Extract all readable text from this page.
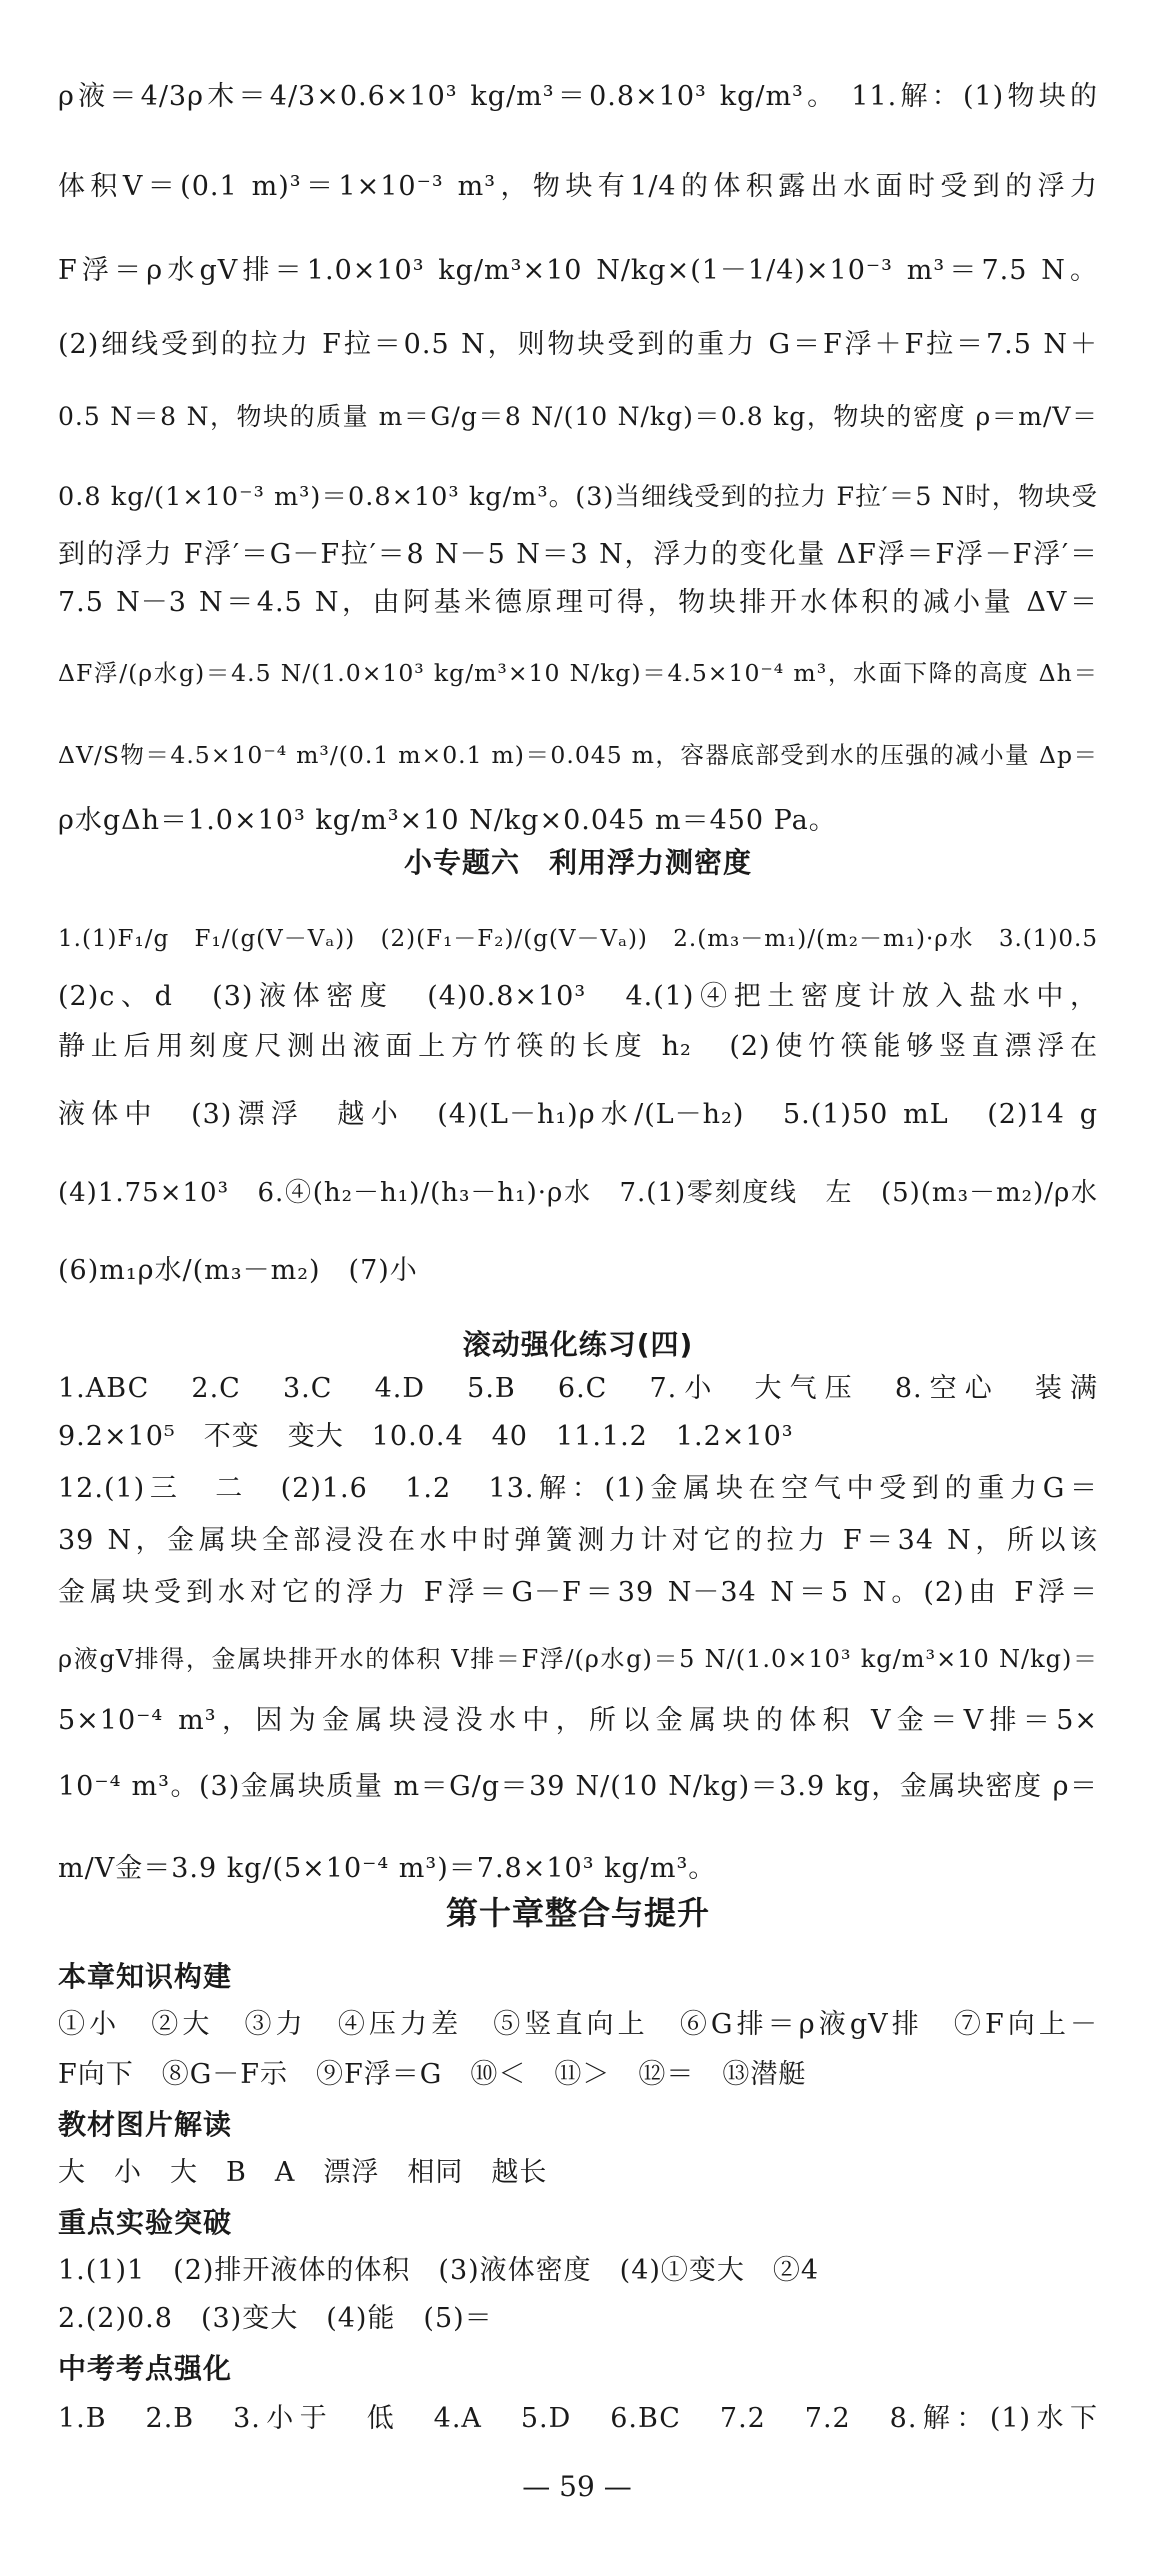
ρ液＝4/3ρ木＝4/3×0.6×10³ kg/m³＝0.8×10³ kg/m³。 11.解：(1)物块的
体积V＝(0.1 m)³＝1×10⁻³ m³，物块有1/4的体积露出水面时受到的浮力
F浮＝ρ水gV排＝1.0×10³ kg/m³×10 N/kg×(1－1/4)×10⁻³ m³＝7.5 N。
(2)细线受到的拉力 F拉＝0.5 N，则物块受到的重力 G＝F浮＋F拉＝7.5 N＋
0.5 N＝8 N，物块的质量 m＝G/g＝8 N/(10 N/kg)＝0.8 kg，物块的密度 ρ＝m/V＝
0.8 kg/(1×10⁻³ m³)＝0.8×10³ kg/m³。(3)当细线受到的拉力 F拉′＝5 N时，物块受
到的浮力 F浮′＝G－F拉′＝8 N－5 N＝3 N，浮力的变化量 ΔF浮＝F浮－F浮′＝
7.5 N－3 N＝4.5 N，由阿基米德原理可得，物块排开水体积的减小量 ΔV＝
ΔF浮/(ρ水g)＝4.5 N/(1.0×10³ kg/m³×10 N/kg)＝4.5×10⁻⁴ m³，水面下降的高度 Δh＝
ΔV/S物＝4.5×10⁻⁴ m³/(0.1 m×0.1 m)＝0.045 m，容器底部受到水的压强的减小量 Δp＝
ρ水gΔh＝1.0×10³ kg/m³×10 N/kg×0.045 m＝450 Pa。
小专题六　利用浮力测密度
1.(1)F₁/g　F₁/(g(V－Vₐ))　(2)(F₁－F₂)/(g(V－Vₐ))　2.(m₃－m₁)/(m₂－m₁)·ρ水　3.(1)0.5
(2)c、d　(3)液体密度　(4)0.8×10³　4.(1)④把土密度计放入盐水中，
静止后用刻度尺测出液面上方竹筷的长度 h₂　(2)使竹筷能够竖直漂浮在
液体中　(3)漂浮　越小　(4)(L－h₁)ρ水/(L－h₂)　5.(1)50 mL　(2)14 g
(4)1.75×10³　6.④(h₂－h₁)/(h₃－h₁)·ρ水　7.(1)零刻度线　左　(5)(m₃－m₂)/ρ水
(6)m₁ρ水/(m₃－m₂)　(7)小
滚动强化练习(四)
1.ABC　2.C　3.C　4.D　5.B　6.C　7.小　大气压　8.空心　装满
9.2×10⁵　不变　变大　10.0.4　40　11.1.2　1.2×10³
12.(1)三　二　(2)1.6　1.2　13.解：(1)金属块在空气中受到的重力G＝
39 N，金属块全部浸没在水中时弹簧测力计对它的拉力 F＝34 N，所以该
金属块受到水对它的浮力 F浮＝G－F＝39 N－34 N＝5 N。(2)由 F浮＝
ρ液gV排得，金属块排开水的体积 V排＝F浮/(ρ水g)＝5 N/(1.0×10³ kg/m³×10 N/kg)＝
5×10⁻⁴ m³，因为金属块浸没水中，所以金属块的体积 V金＝V排＝5×
10⁻⁴ m³。(3)金属块质量 m＝G/g＝39 N/(10 N/kg)＝3.9 kg，金属块密度 ρ＝
m/V金＝3.9 kg/(5×10⁻⁴ m³)＝7.8×10³ kg/m³。
第十章整合与提升
本章知识构建
①小　②大　③力　④压力差　⑤竖直向上　⑥G排＝ρ液gV排　⑦F向上－
F向下　⑧G－F示　⑨F浮＝G　⑩＜　⑪＞　⑫＝　⑬潜艇
教材图片解读
大　小　大　B　A　漂浮　相同　越长
重点实验突破
1.(1)1　(2)排开液体的体积　(3)液体密度　(4)①变大　②4
2.(2)0.8　(3)变大　(4)能　(5)＝
中考考点强化
1.B　2.B　3.小于　低　4.A　5.D　6.BC　7.2　7.2　8.解：(1)水下
— 59 —
